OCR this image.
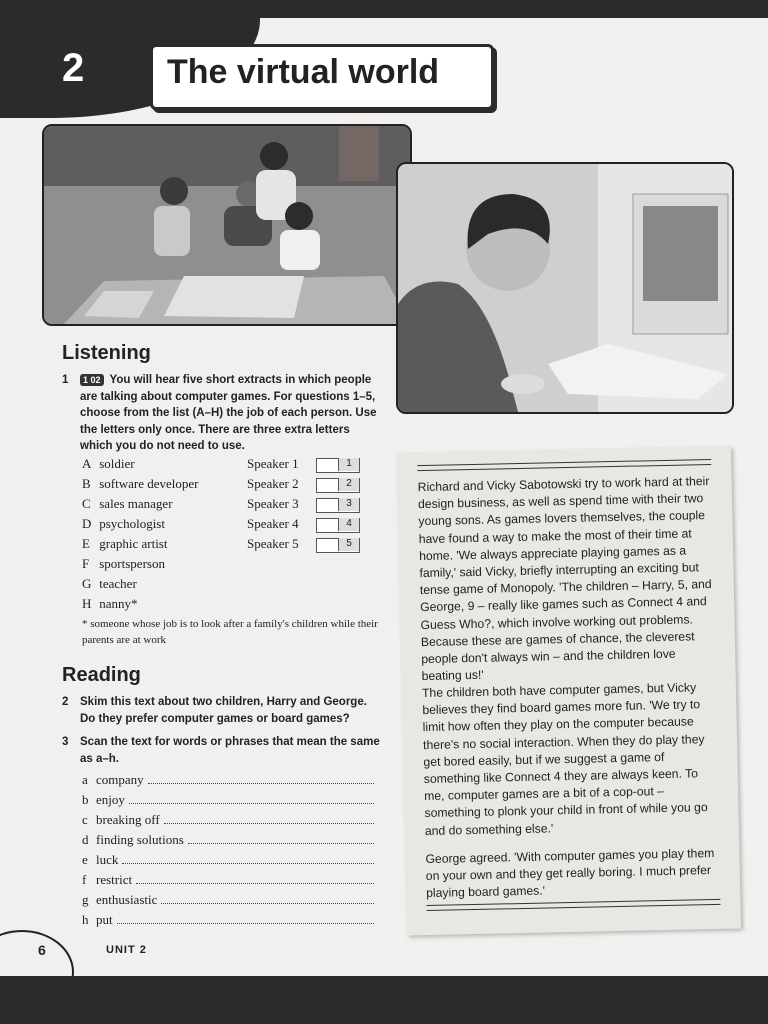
2 The virtual world
Listening
1 1 02 You will hear five short extracts in which people are talking about computer games. For questions 1–5, choose from the list (A–H) the job of each person. Use the letters only once. There are three extra letters which you do not need to use.
A soldier
B software developer
C sales manager
D psychologist
E graphic artist
F sportsperson
G teacher
H nanny*
Speaker 1
Speaker 2
Speaker 3
Speaker 4
Speaker 5
1
2
3
4
5
* someone whose job is to look after a family's children while their parents are at work
Reading
2 Skim this text about two children, Harry and George. Do they prefer computer games or board games?
3 Scan the text for words or phrases that mean the same as a–h.
a company
b enjoy
c breaking off
d finding solutions
e luck
f restrict
g enthusiastic
h put

Richard and Vicky Sabotowski try to work hard at their design business, as well as spend time with their two young sons. As games lovers themselves, the couple have found a way to make the most of their time at home. 'We always appreciate playing games as a family,' said Vicky, briefly interrupting an exciting but tense game of Monopoly. 'The children – Harry, 5, and George, 9 – really like games such as Connect 4 and Guess Who?, which involve working out problems. Because these are games of chance, the cleverest people don't always win – and the children love beating us!'

The children both have computer games, but Vicky believes they find board games more fun. 'We try to limit how often they play on the computer because there's no social interaction. When they do play they get bored easily, but if we suggest a game of something like Connect 4 they are always keen. To me, computer games are a bit of a cop-out – something to plonk your child in front of while you go and do something else.'

George agreed. 'With computer games you play them on your own and they get really boring. I much prefer playing board games.'

6	UNIT 2
